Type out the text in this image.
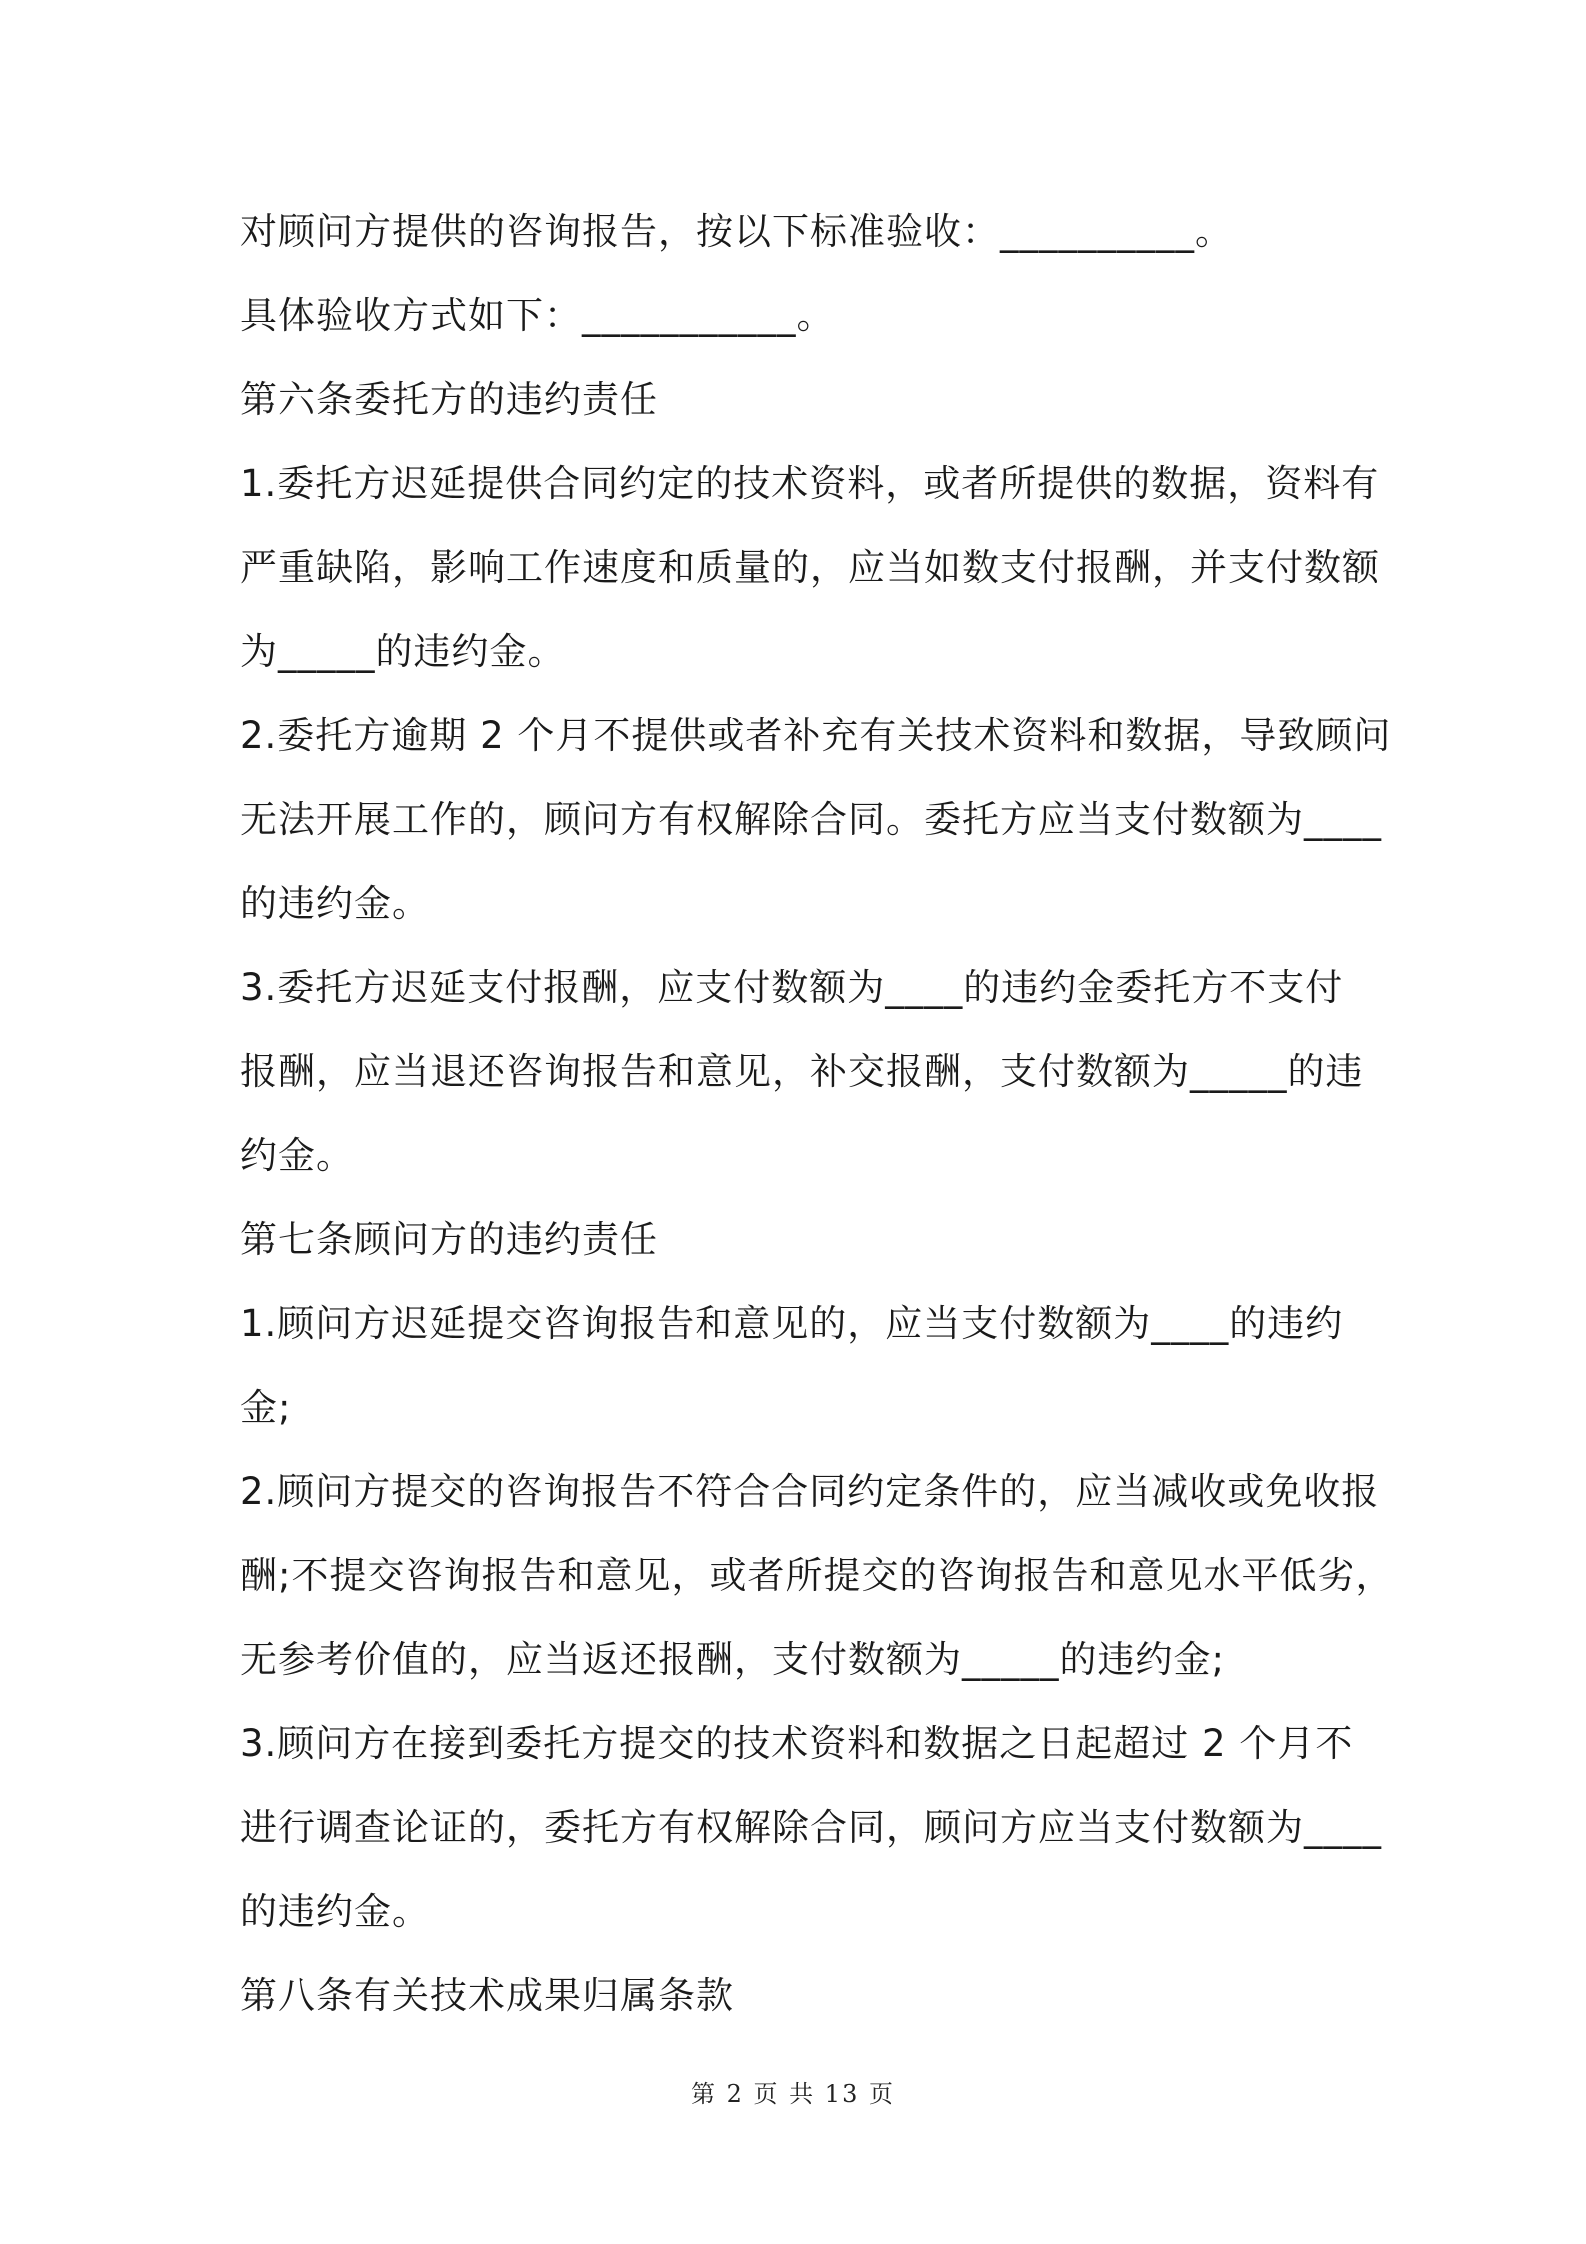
对顾问方提供的咨询报告，按以下标准验收：__________。
具体验收方式如下：___________。
第六条委托方的违约责任
1.委托方迟延提供合同约定的技术资料，或者所提供的数据，资料有
严重缺陷，影响工作速度和质量的，应当如数支付报酬，并支付数额
为_____的违约金。
2.委托方逾期 2 个月不提供或者补充有关技术资料和数据，导致顾问
无法开展工作的，顾问方有权解除合同。委托方应当支付数额为____
的违约金。
3.委托方迟延支付报酬，应支付数额为____的违约金委托方不支付
报酬，应当退还咨询报告和意见，补交报酬，支付数额为_____的违
约金。
第七条顾问方的违约责任
1.顾问方迟延提交咨询报告和意见的，应当支付数额为____的违约
金;
2.顾问方提交的咨询报告不符合合同约定条件的，应当减收或免收报
酬;不提交咨询报告和意见，或者所提交的咨询报告和意见水平低劣，
无参考价值的，应当返还报酬，支付数额为_____的违约金;
3.顾问方在接到委托方提交的技术资料和数据之日起超过 2 个月不
进行调查论证的，委托方有权解除合同，顾问方应当支付数额为____
的违约金。
第八条有关技术成果归属条款
第 2 页 共 13 页
